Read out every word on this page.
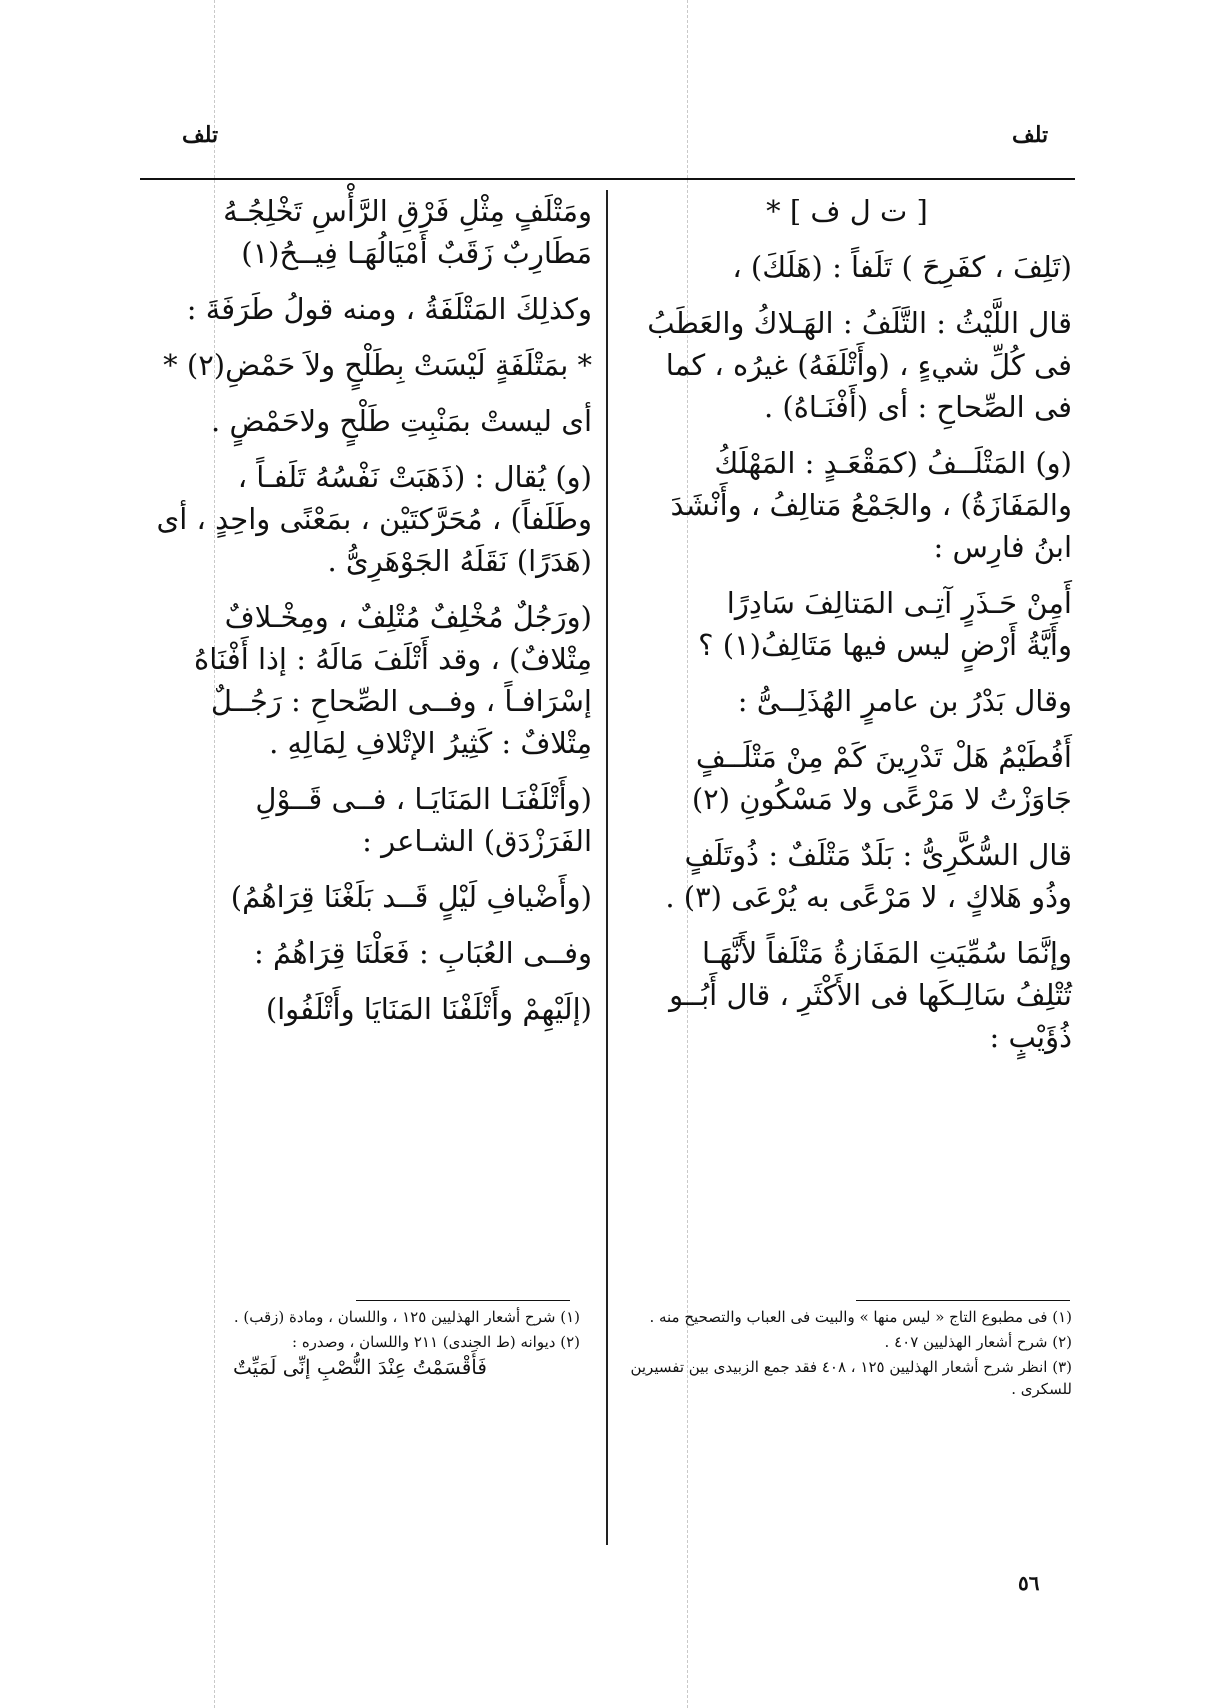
تلف	تلف

[ ت ل ف ] *

(تَلِفَ ، كفَرِحَ ) تَلَفاً : (هَلَكَ) ،

قال اللَّيْثُ : التَّلَفُ : الهَـلاكُ والعَطَبُ

فى كُلِّ شيءٍ ، (وأَتْلَفَهُ) غيرُه ، كما

فى الصِّحاحِ : أى (أَفْنَـاهُ) .

(و) المَتْلَــفُ (كمَقْعَـدٍ : المَهْلَكُ

والمَفَازَةُ) ، والجَمْعُ مَتالِفُ ، وأَنْشَدَ

ابنُ فارِس :

أَمِنْ حَـذَرٍ آتِـى المَتالِفَ سَادِرًا

وأَيَّةُ أَرْضٍ ليس فيها مَتَالِفُ(١) ؟

وقال بَدْرُ بن عامرٍ الهُذَلِــىُّ :

أَفُطَيْمُ هَلْ تَدْرِينَ كَمْ مِنْ مَتْلَــفٍ

جَاوَزْتُ لا مَرْعًى ولا مَسْكُونِ (٢)

قال السُّكَّرِىُّ : بَلَدٌ مَتْلَفٌ : ذُوتَلَفٍ

وذُو هَلاكٍ ، لا مَرْعًى به يُرْعَى (٣) .

وإنَّمَا سُمِّيَتِ المَفَازةُ مَتْلَفاً لأَنَّهَـا

تُتْلِفُ سَالِـكَها فى الأَكْثَرِ ، قال أَبُــو

ذُؤَيْبٍ :

(١) فى مطبوع التاج « ليس منها » والبيت فى العباب والتصحيح منه .

(٢) شرح أشعار الهذليين ٤٠٧ .

(٣) انظر شرح أشعار الهذليين ١٢٥ ، ٤٠٨ فقد جمع الزبيدى بين تفسيرين للسكرى .

ومَتْلَفٍ مِثْلِ فَرْقِ الرَّأْسِ تَخْلِجُـهُ

مَطَارِبٌ زَقَبٌ أَمْيَالُهَـا فِيــحُ(١)

وكذلِكَ المَتْلَفَةُ ، ومنه قولُ طَرَفَةَ :

* بمَتْلَفَةٍ لَيْسَتْ بِطَلْحٍ ولاَ حَمْضِ(٢) *

أى ليستْ بمَنْبِتِ طَلْحٍ ولاحَمْضٍ .

(و) يُقال : (ذَهَبَتْ نَفْسُهُ تَلَفـاً ،

وطَلَفاً) ، مُحَرَّكتَيْن ، بمَعْنًى واحِدٍ ، أى

(هَدَرًا) نَقَلَهُ الجَوْهَرِىُّ .

(ورَجُلٌ مُخْلِفٌ مُتْلِفٌ ، ومِخْـلافٌ

مِتْلافٌ) ، وقد أَتْلَفَ مَالَهُ : إذا أَفْنَاهُ

إسْرَافـاً ، وفــى الصِّحاحِ : رَجُــلٌ

مِتْلافٌ : كَثِيرُ الإتْلافِ لِمَالِهِ .

(وأَتْلَفْنَـا المَنَايَـا ، فــى قَــوْلِ

الفَرَزْدَق) الشـاعر :

(وأَضْيافِ لَيْلٍ قَــد بَلَغْنَا قِرَاهُمُ)

وفــى العُبَابِ : فَعَلْنَا قِرَاهُمُ :

(إلَيْهِمْ وأَتْلَفْنَا المَنَايَا وأَتْلَفُوا)

(١) شرح أشعار الهذليين ١٢٥ ، واللسان ، ومادة (زقب) .

(٢) ديوانه (ط الجندى) ٢١١ واللسان ، وصدره :

فَأَقْسَمْتُ عِنْدَ النُّصْبِ إنِّى لَمَيِّتٌ

٥٦
